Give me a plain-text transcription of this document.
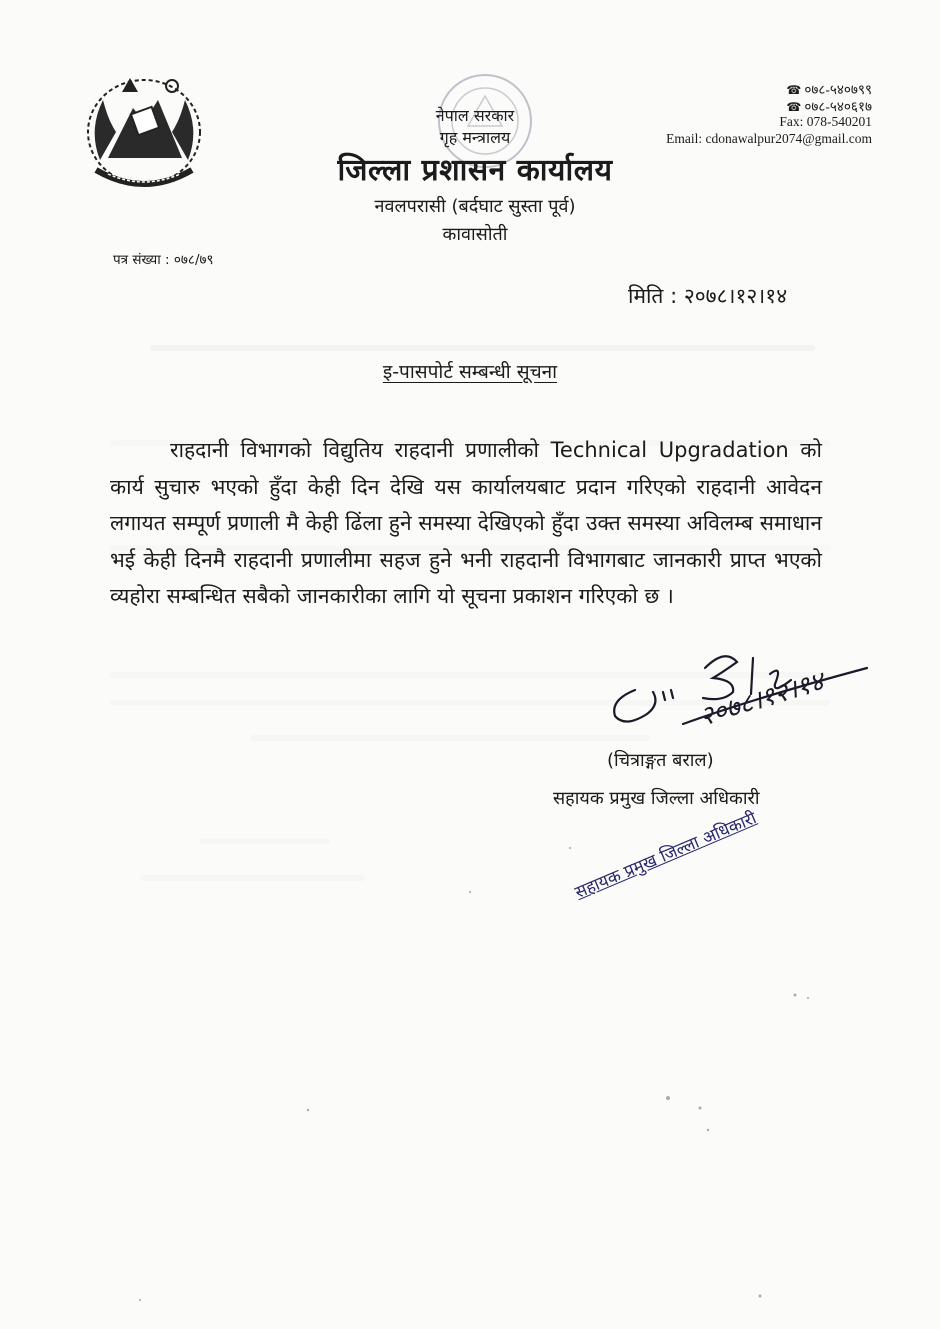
नेपाल सरकार
गृह मन्त्रालय
जिल्ला प्रशासन कार्यालय
नवलपरासी (बर्दघाट सुस्ता पूर्व)
कावासोती
☎ ०७८-५४०७९९
☎ ०७८-५४०६१७
Fax: 078-540201
Email: cdonawalpur2074@gmail.com
पत्र संख्या : ०७८/७९
मिति : २०७८।१२।१४
इ-पासपोर्ट सम्बन्धी सूचना
राहदानी विभागको विद्युतिय राहदानी प्रणालीको Technical Upgradation को कार्य सुचारु भएको हुँदा केही दिन देखि यस कार्यालयबाट प्रदान गरिएको राहदानी आवेदन लगायत सम्पूर्ण प्रणाली मै केही ढिंला हुने समस्या देखिएको हुँदा उक्त समस्या अविलम्ब समाधान भई केही दिनमै राहदानी प्रणालीमा सहज हुने भनी राहदानी विभागबाट जानकारी प्राप्त भएको व्यहोरा सम्बन्धित सबैको जानकारीका लागि यो सूचना प्रकाशन गरिएको छ ।
२०७८।१२।१४
(चित्राङ्गत बराल)
सहायक प्रमुख जिल्ला अधिकारी
सहायक प्रमुख जिल्ला अधिकारी
